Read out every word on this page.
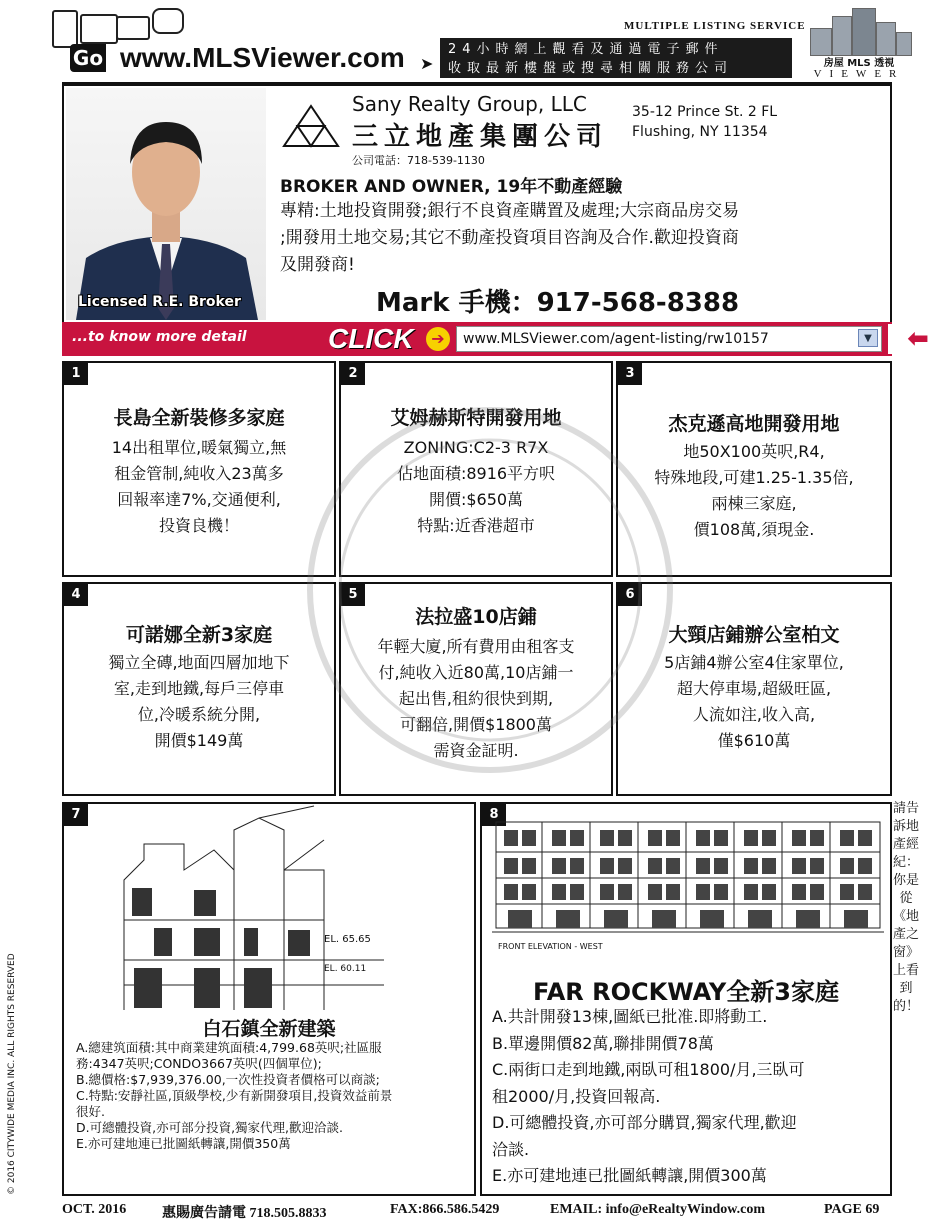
Go www.MLSViewer.com ➤
24小時網上觀看及通過電子郵件
收取最新樓盤或搜尋相關服務公司
MULTIPLE LISTING SERVICE
房屋 MLS 透視
VIEWER
Licensed R.E. Broker
Sany Realty Group, LLC
三立地產集團公司
公司電話：718-539-1130
35-12 Prince St. 2 FL
Flushing, NY 11354
BROKER AND OWNER, 19年不動產經驗
專精:土地投資開發;銀行不良資產購置及處理;大宗商品房交易
;開發用土地交易;其它不動產投資項目咨詢及合作.歡迎投資商
及開發商!
Mark 手機：917-568-8388
...to know more detail	CLICK	➔	www.MLSViewer.com/agent-listing/rw10157	▼	⬅
1
長島全新裝修多家庭
14出租單位,暖氣獨立,無
租金管制,純收入23萬多
回報率達7%,交通便利,
投資良機！
2
艾姆赫斯特開發用地
ZONING:C2-3 R7X
佔地面積:8916平方呎
開價:$650萬
特點:近香港超市
3
杰克遜高地開發用地
地50X100英呎,R4,
特殊地段,可建1.25-1.35倍,
兩棟三家庭,
價108萬,須現金.
4
可諾娜全新3家庭
獨立全磚,地面四層加地下
室,走到地鐵,每戶三停車
位,冷暖系統分開,
開價$149萬
5
法拉盛10店鋪
年輕大廈,所有費用由租客支
付,純收入近80萬,10店鋪一
起出售,租約很快到期,
可翻倍,開價$1800萬
需資金証明.
6
大頸店鋪辦公室柏文
5店鋪4辦公室4住家單位,
超大停車場,超級旺區,
人流如注,收入高,
僅$610萬
7
EL. 65.65
EL. 60.11
白石鎮全新建築
A.總建筑面積:其中商業建筑面積:4,799.68英呎;社區服
務:4347英呎;CONDO3667英呎(四個單位);
B.總價格:$7,939,376.00,一次性投資者價格可以商談;
C.特點:安靜社區,頂級學校,少有新開發項目,投資效益前景
很好.
D.可總體投資,亦可部分投資,獨家代理,歡迎洽談.
E.亦可建地連已批圖紙轉讓,開價350萬
8
FRONT ELEVATION - WEST
FAR ROCKWAY全新3家庭
A.共計開發13棟,圖紙已批准.即將動工.
B.單邊開價82萬,聯排開價78萬
C.兩街口走到地鐵,兩臥可租1800/月,三臥可
租2000/月,投資回報高.
D.可總體投資,亦可部分購買,獨家代理,歡迎
洽談.
E.亦可建地連已批圖紙轉讓,開價300萬
© 2016 CITYWIDE MEDIA INC. ALL RIGHTS RESERVED
請告訴地產經紀：你是從《地產之窗》上看到的！
OCT. 2016	惠賜廣告請電 718.505.8833	FAX:866.586.5429	EMAIL: info@eRealtyWindow.com	PAGE 69
